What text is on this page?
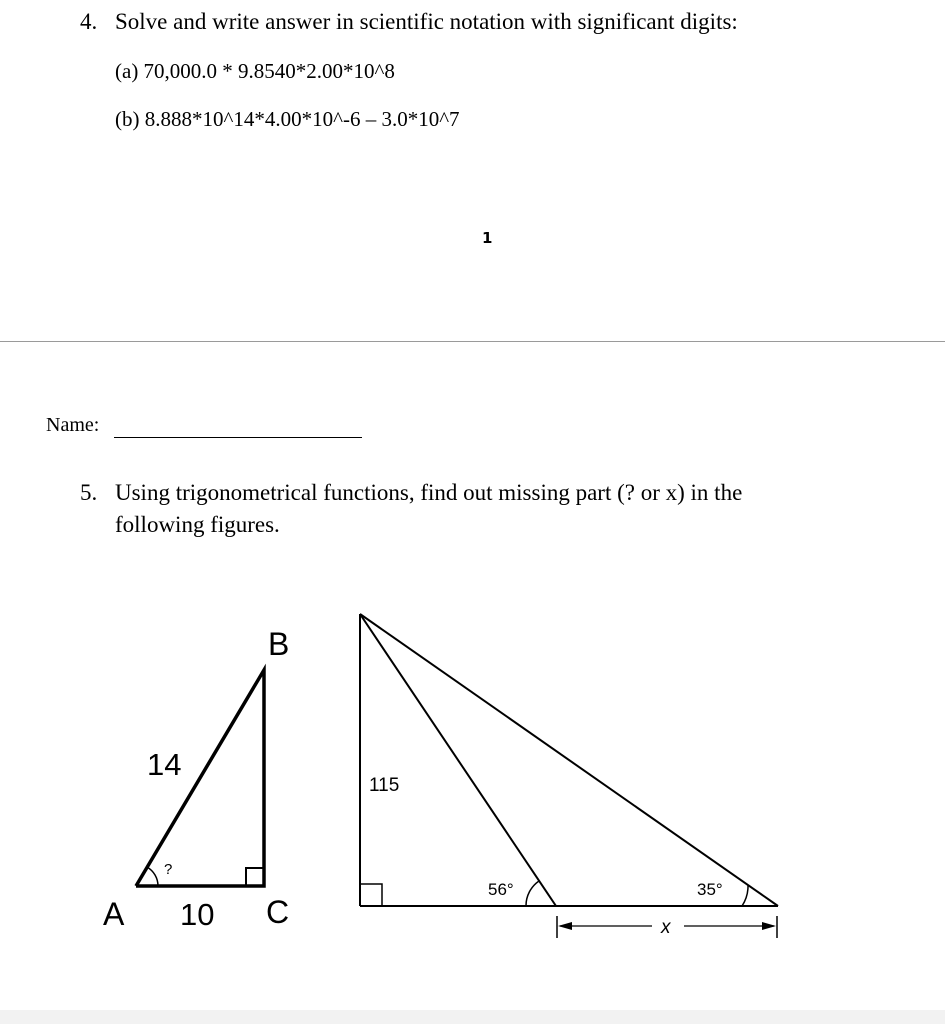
4. Solve and write answer in scientific notation with significant digits:
(a) 70,000.0 * 9.8540*2.00*10^8
(b) 8.888*10^14*4.00*10^-6 – 3.0*10^7
1
Name:
5. Using trigonometrical functions, find out missing part (? or x) in the
following figures.
?
14
B
A 10 C
115
56°	35°
x
